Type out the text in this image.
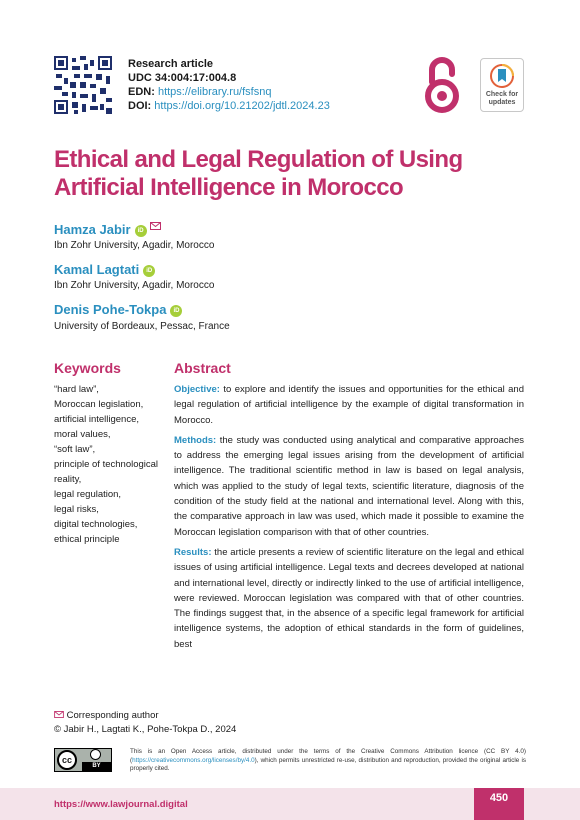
Research article
UDC 34:004:17:004.8
EDN: https://elibrary.ru/fsfsnq
DOI: https://doi.org/10.21202/jdtl.2024.23
Check for
updates
Ethical and Legal Regulation of Using Artificial Intelligence in Morocco
Hamza Jabir iD
Ibn Zohr University, Agadir, Morocco
Kamal Lagtati iD
Ibn Zohr University, Agadir, Morocco
Denis Pohe-Tokpa iD
University of Bordeaux, Pessac, France
Keywords
“hard law”,
Moroccan legislation,
artificial intelligence,
moral values,
“soft law”,
principle of technological reality,
legal regulation,
legal risks,
digital technologies,
ethical principle
Abstract

Objective: to explore and identify the issues and opportunities for the ethical and legal regulation of artificial intelligence by the example of digital transformation in Morocco.

Methods: the study was conducted using analytical and comparative approaches to address the emerging legal issues arising from the development of artificial intelligence. The traditional scientific method in law is based on legal analysis, which was applied to the study of legal texts, scientific literature, diagnosis of the condition of the study field at the national and international level. Along with this, the comparative approach in law was used, which made it possible to examine the Moroccan legislation comparison with that of other countries.

Results: the article presents a review of scientific literature on the legal and ethical issues of using artificial intelligence. Legal texts and decrees developed at national and international level, directly or indirectly linked to the use of artificial intelligence, were reviewed. Moroccan legislation was compared with that of other countries. The findings suggest that, in the absence of a specific legal framework for artificial intelligence systems, the adoption of ethical standards in the form of guidelines, best

Corresponding author
© Jabir H., Lagtati K., Pohe-Tokpa D., 2024
cc
BY
This is an Open Access article, distributed under the terms of the Creative Commons Attribution licence (CC BY 4.0) (https://creativecommons.org/licenses/by/4.0), which permits unrestricted re-use, distribution and reproduction, provided the original article is properly cited.
https://www.lawjournal.digital
450
